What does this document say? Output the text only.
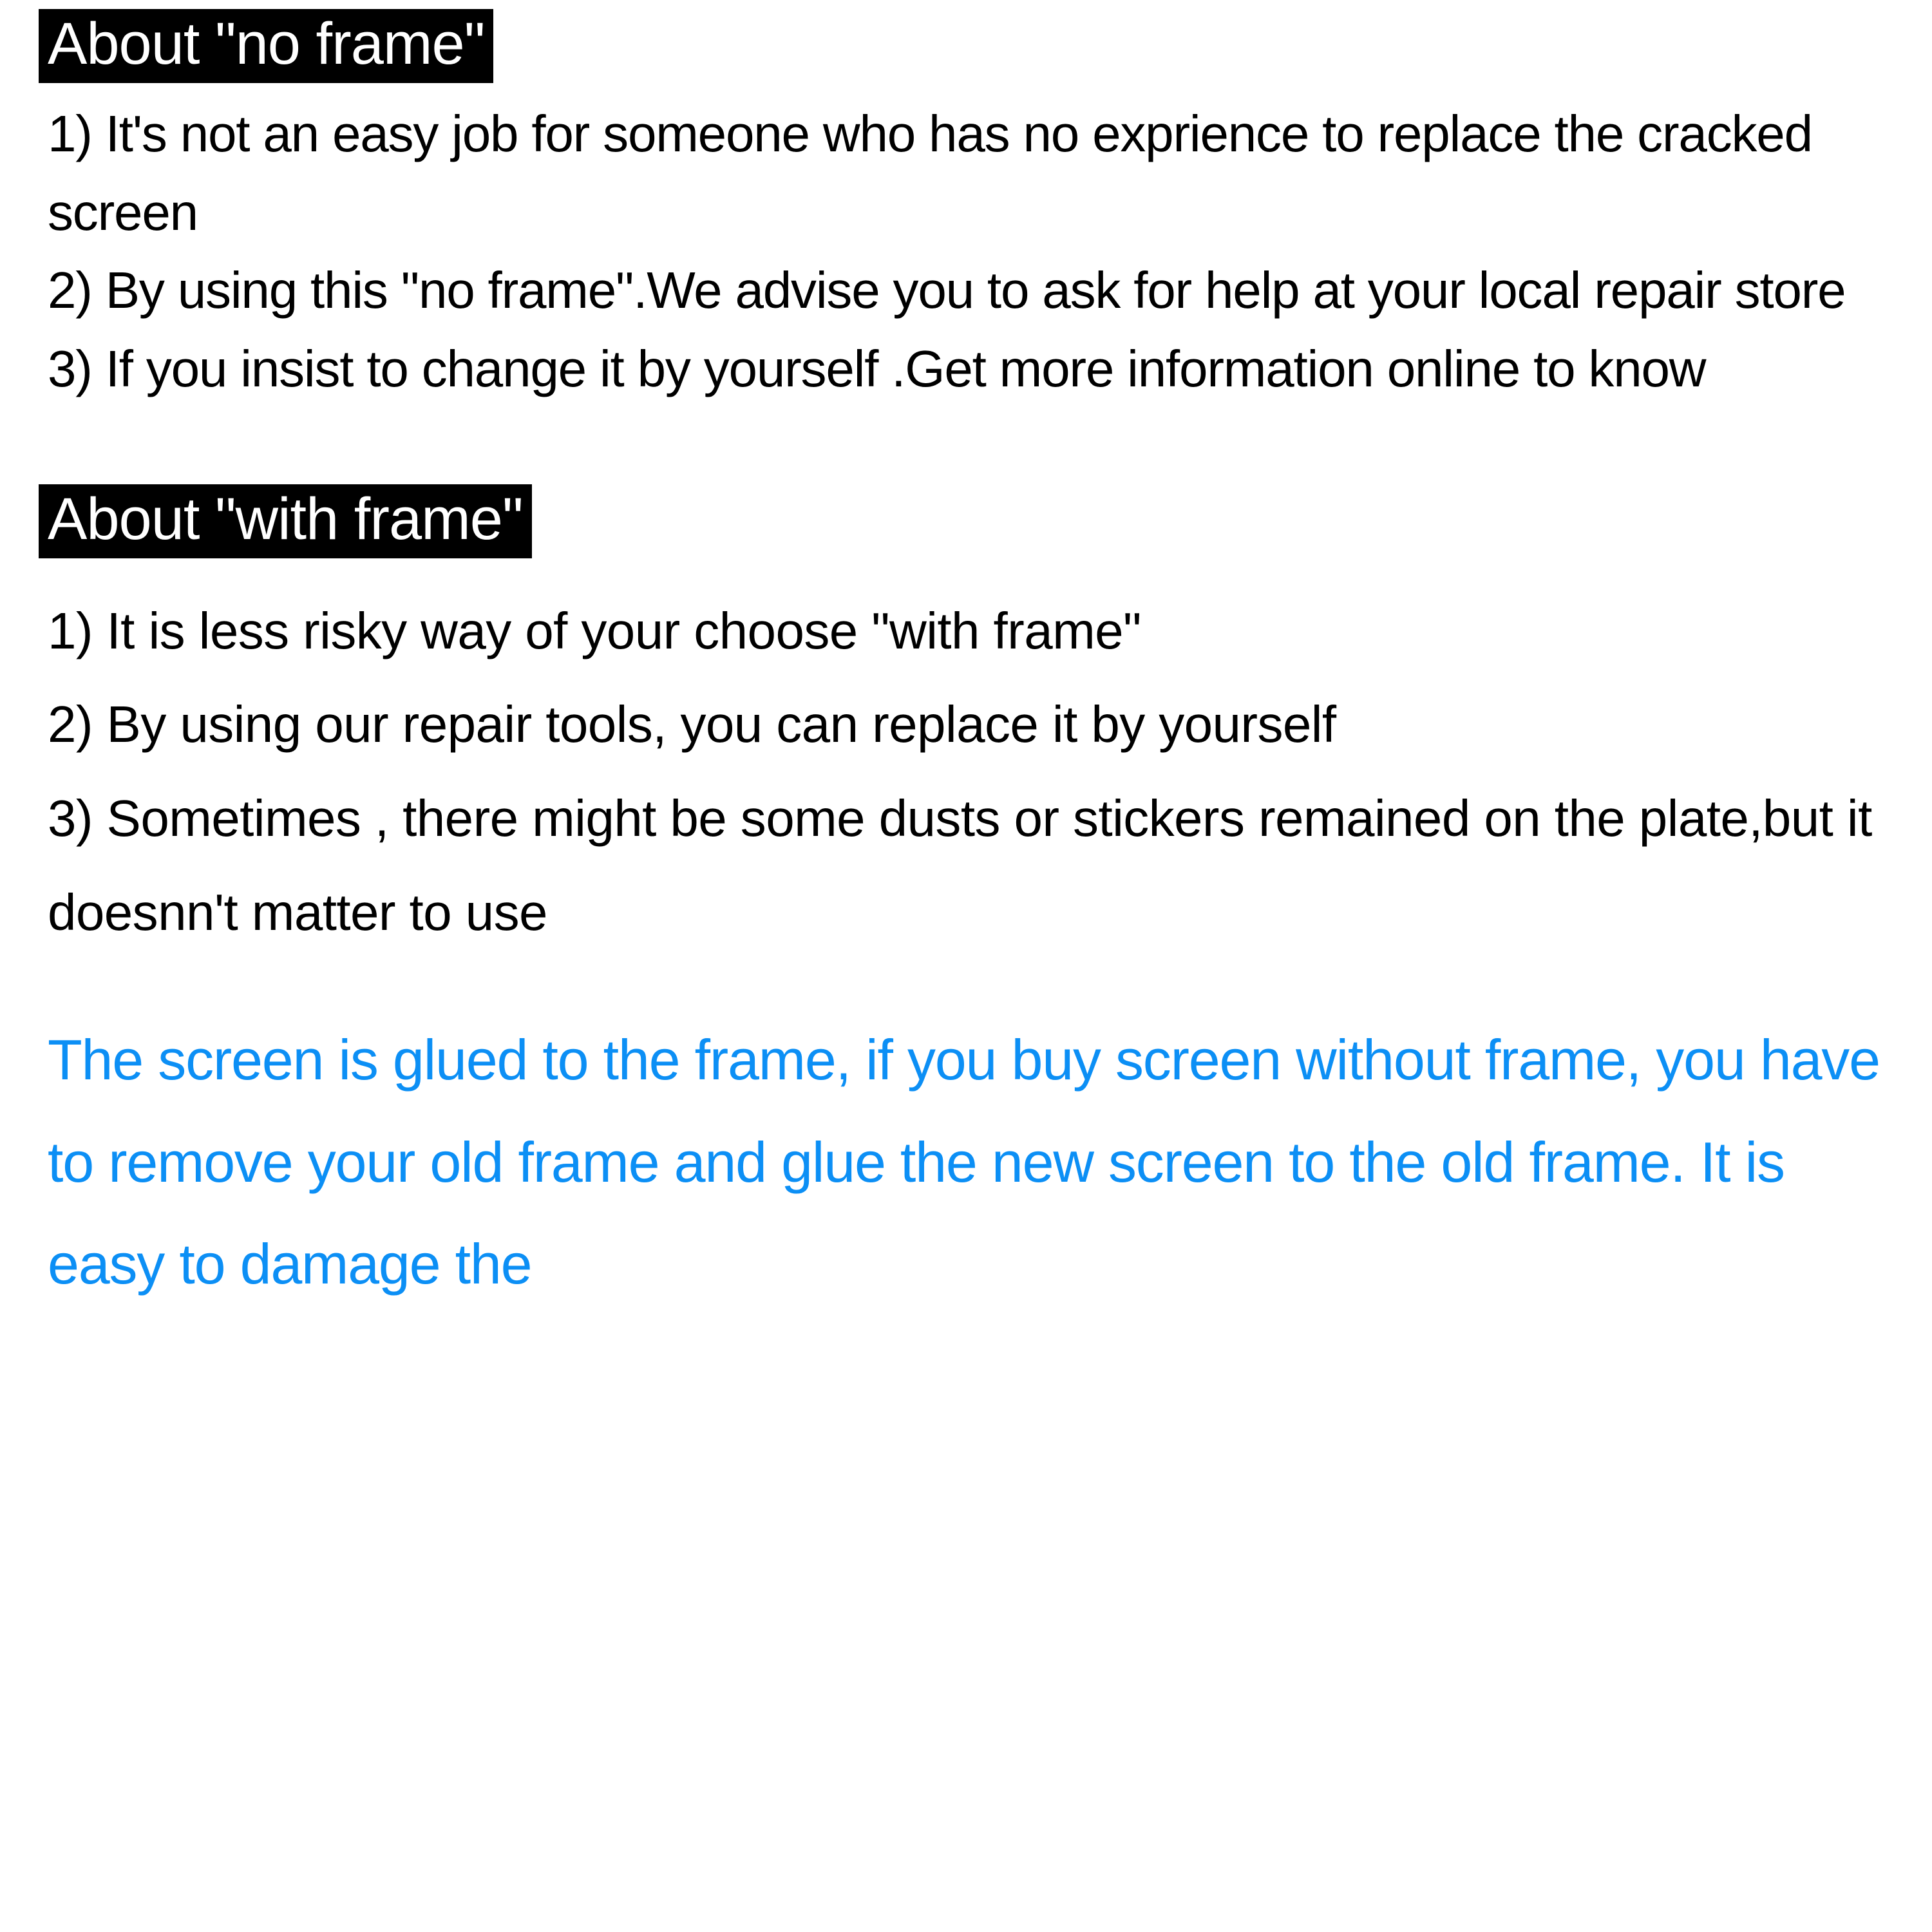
About "no frame"

1) It's not an easy job for someone who has no exprience to replace the cracked screen

2) By using this "no frame".We advise you to ask for help at your local repair store

3) If you insist to change it by yourself .Get more information online to know

About "with frame"

1) It is less risky way of your choose "with frame"

2) By using our repair tools, you can replace it by yourself

3) Sometimes , there might be some dusts or stickers remained on the plate,but it doesnn't matter to use

The screen is glued to the frame, if you buy screen without frame, you have to remove your old frame and glue the new screen to the old frame. It is easy to damage the
